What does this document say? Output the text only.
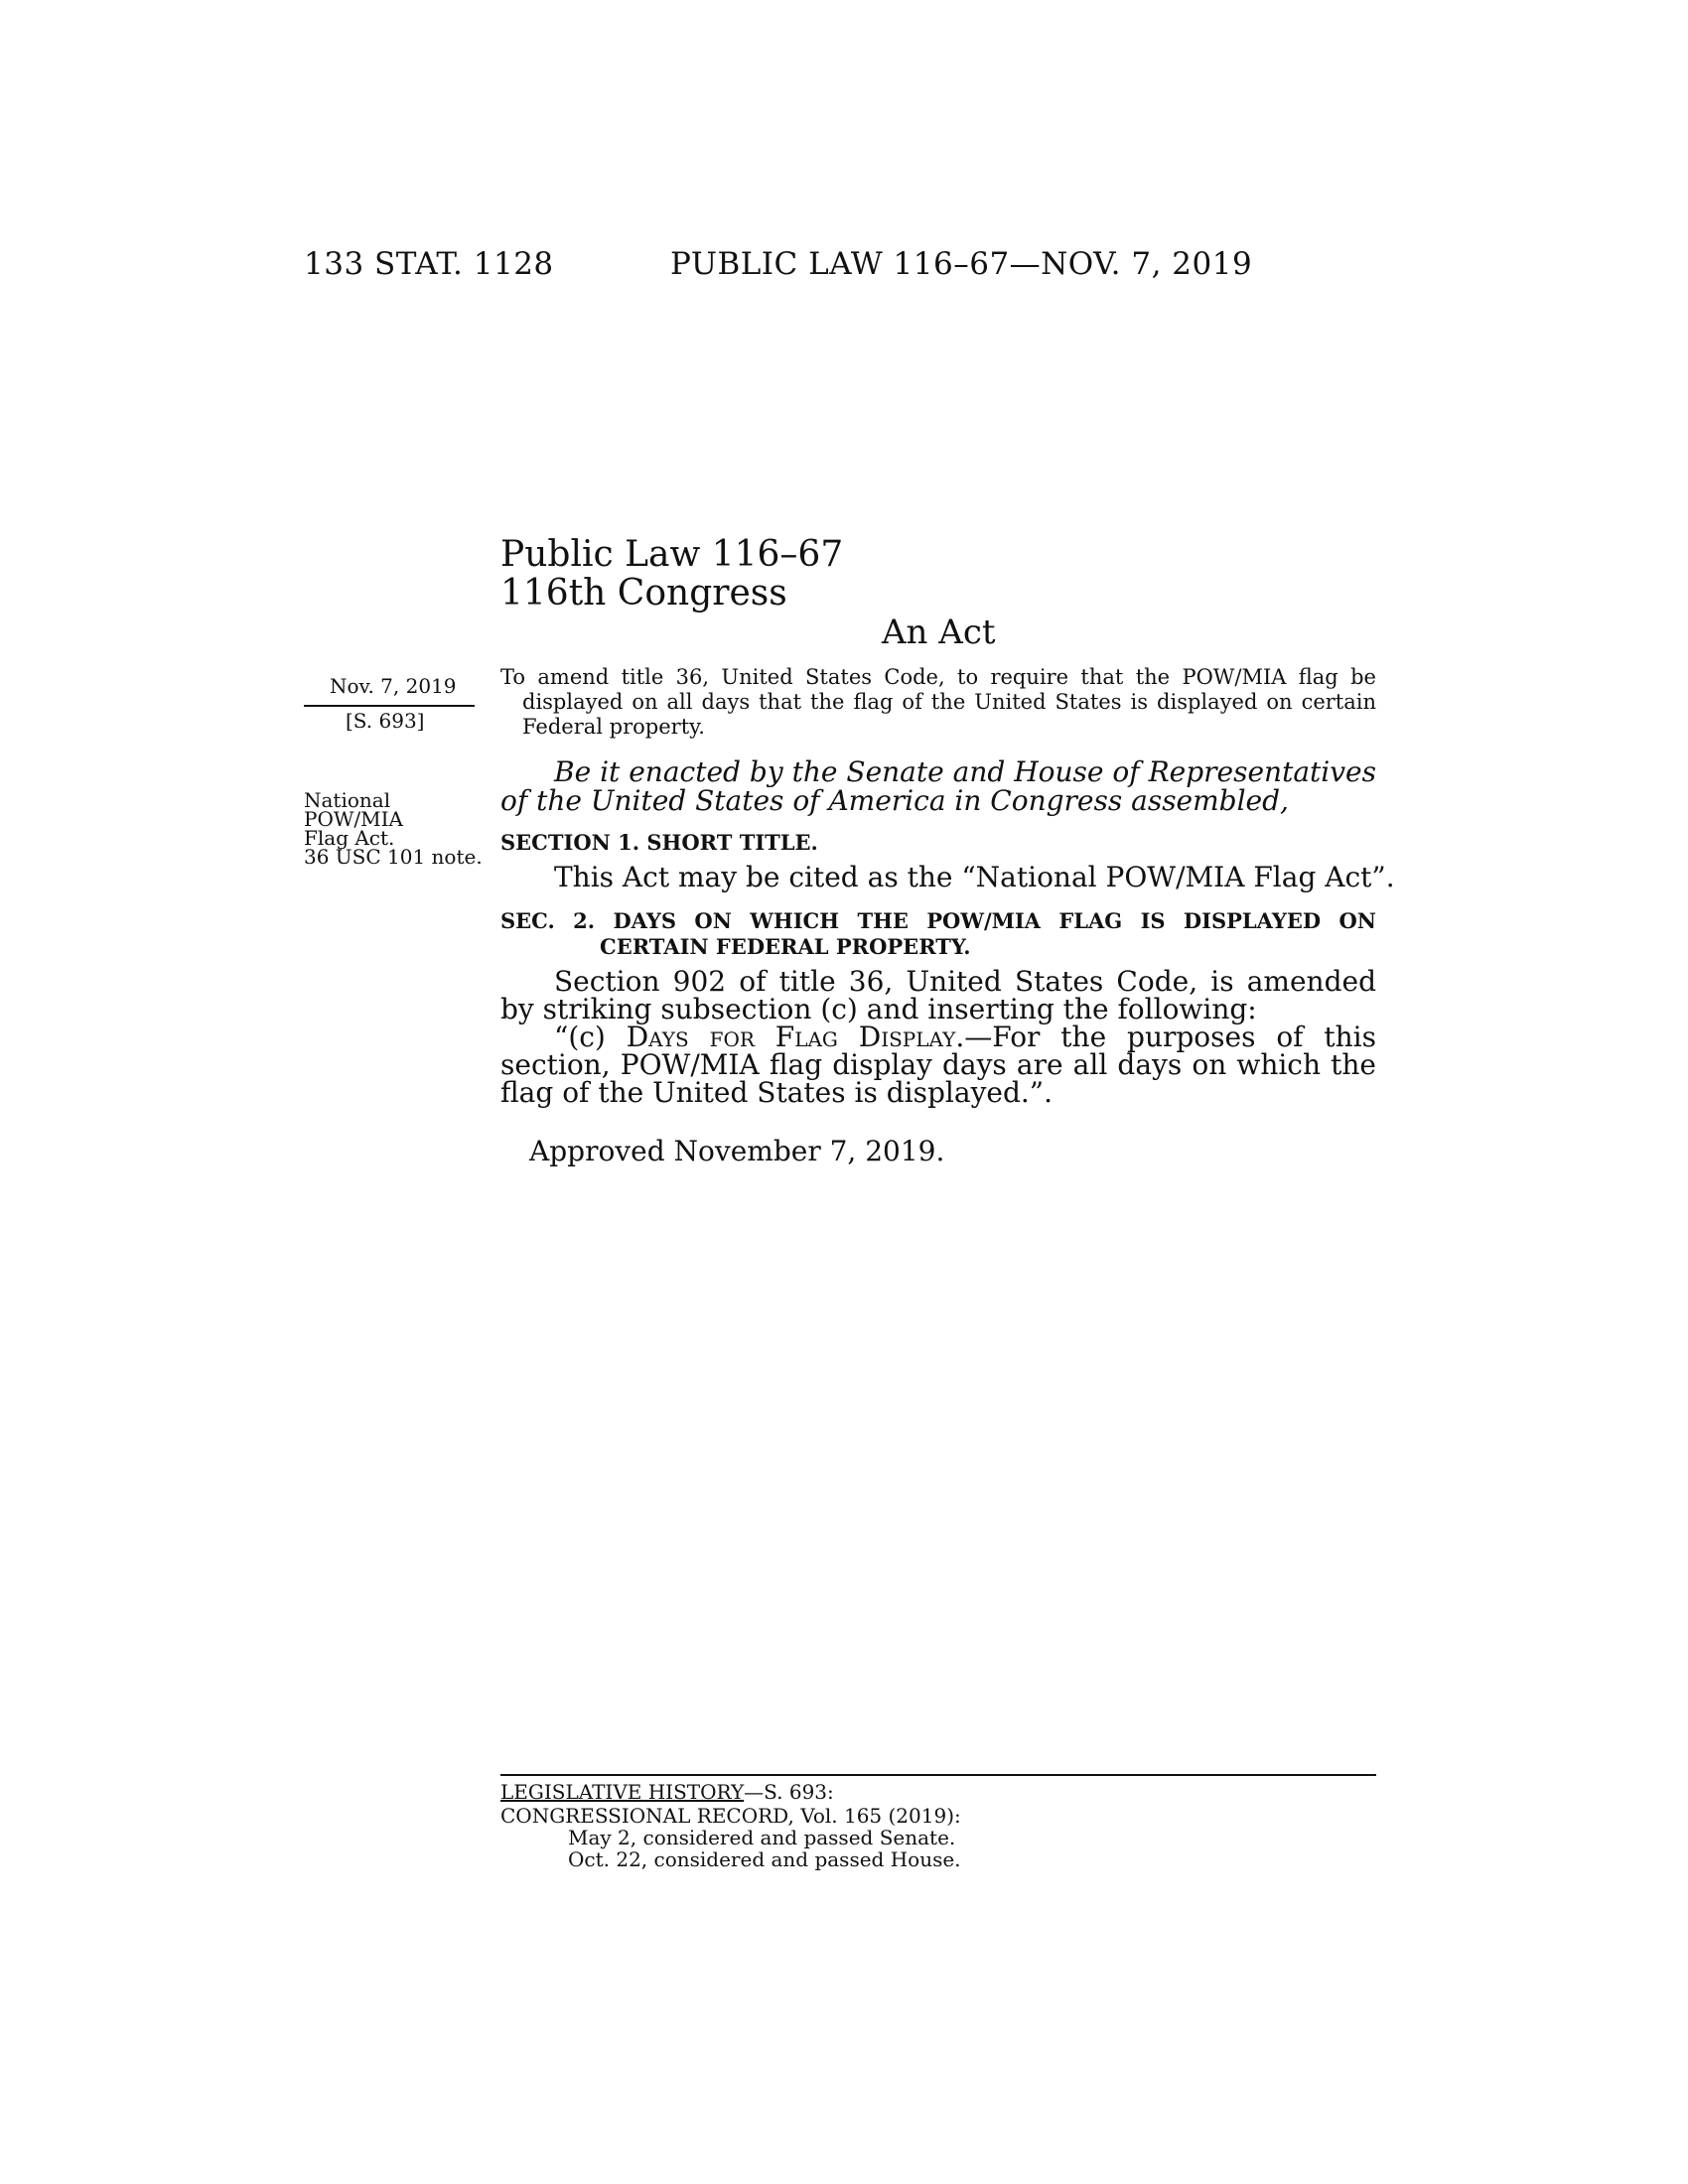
133 STAT. 1128	PUBLIC LAW 116–67—NOV. 7, 2019
Public Law 116–67
116th Congress
An Act
Nov. 7, 2019
[S. 693]
National
POW/MIA
Flag Act.
36 USC 101 note.

To amend title 36, United States Code, to require that the POW/MIA flag be displayed on all days that the flag of the United States is displayed on certain Federal property.

Be it enacted by the Senate and House of Representatives of the United States of America in Congress assembled,

SECTION 1. SHORT TITLE.
This Act may be cited as the “National POW/MIA Flag Act”.
SEC. 2. DAYS ON WHICH THE POW/MIA FLAG IS DISPLAYED ON CERTAIN FEDERAL PROPERTY.

Section 902 of title 36, United States Code, is amended by striking subsection (c) and inserting the following:

“(c) Days for Flag Display.—For the purposes of this section, POW/MIA flag display days are all days on which the flag of the United States is displayed.”.

Approved November 7, 2019.
LEGISLATIVE HISTORY—S. 693:
CONGRESSIONAL RECORD, Vol. 165 (2019):
May 2, considered and passed Senate.
Oct. 22, considered and passed House.
